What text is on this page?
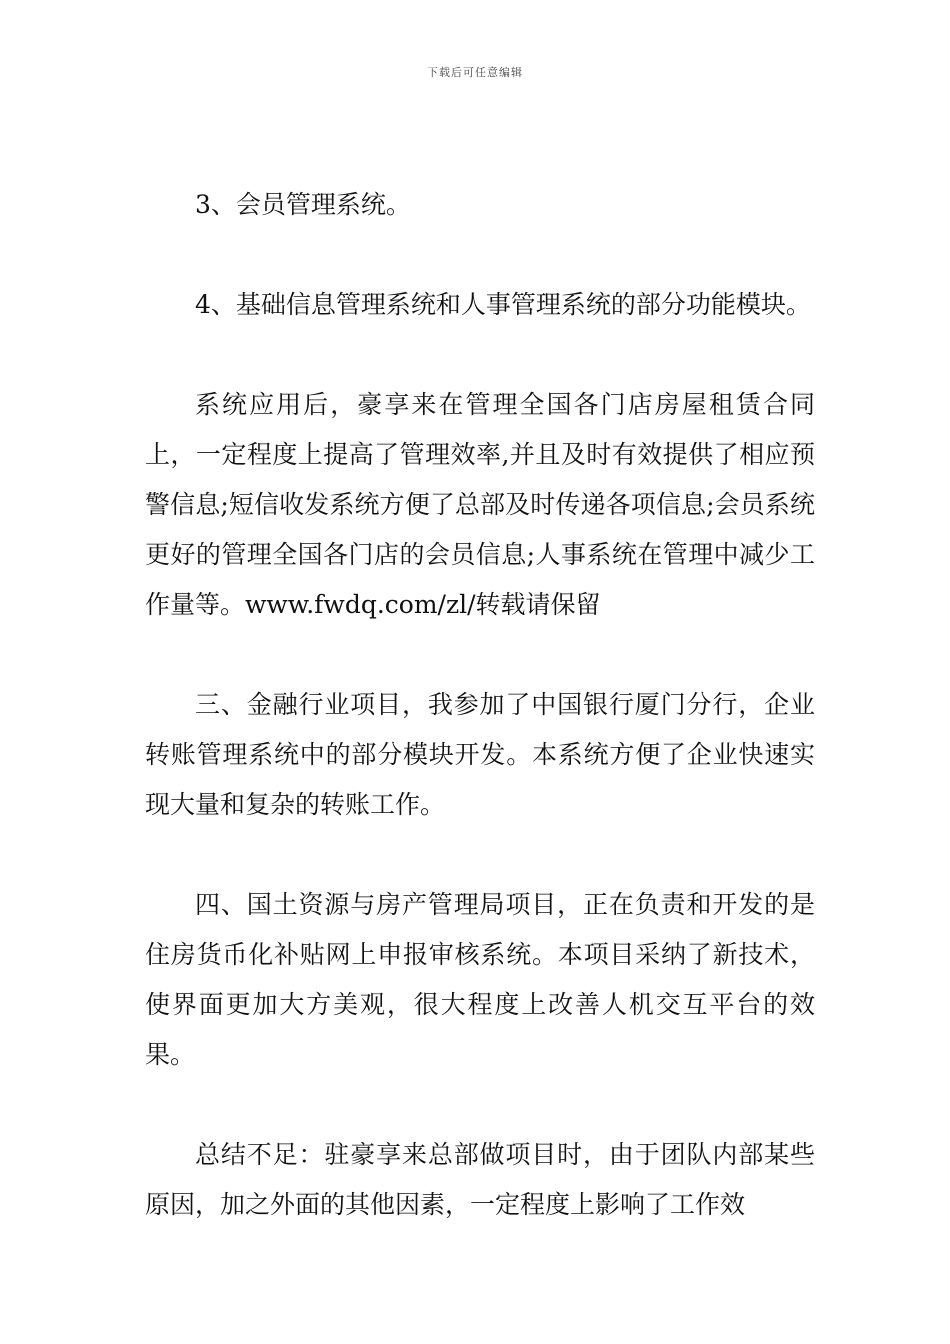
下载后可任意编辑

3、会员管理系统。

4、基础信息管理系统和人事管理系统的部分功能模块。

系统应用后，豪享来在管理全国各门店房屋租赁合同上，一定程度上提高了管理效率,并且及时有效提供了相应预警信息;短信收发系统方便了总部及时传递各项信息;会员系统更好的管理全国各门店的会员信息;人事系统在管理中减少工作量等。www.fwdq.com/zl/转载请保留

三、金融行业项目，我参加了中国银行厦门分行，企业转账管理系统中的部分模块开发。本系统方便了企业快速实现大量和复杂的转账工作。

四、国土资源与房产管理局项目，正在负责和开发的是住房货币化补贴网上申报审核系统。本项目采纳了新技术，使界面更加大方美观，很大程度上改善人机交互平台的效果。

总结不足：驻豪享来总部做项目时，由于团队内部某些原因，加之外面的其他因素，一定程度上影响了工作效
